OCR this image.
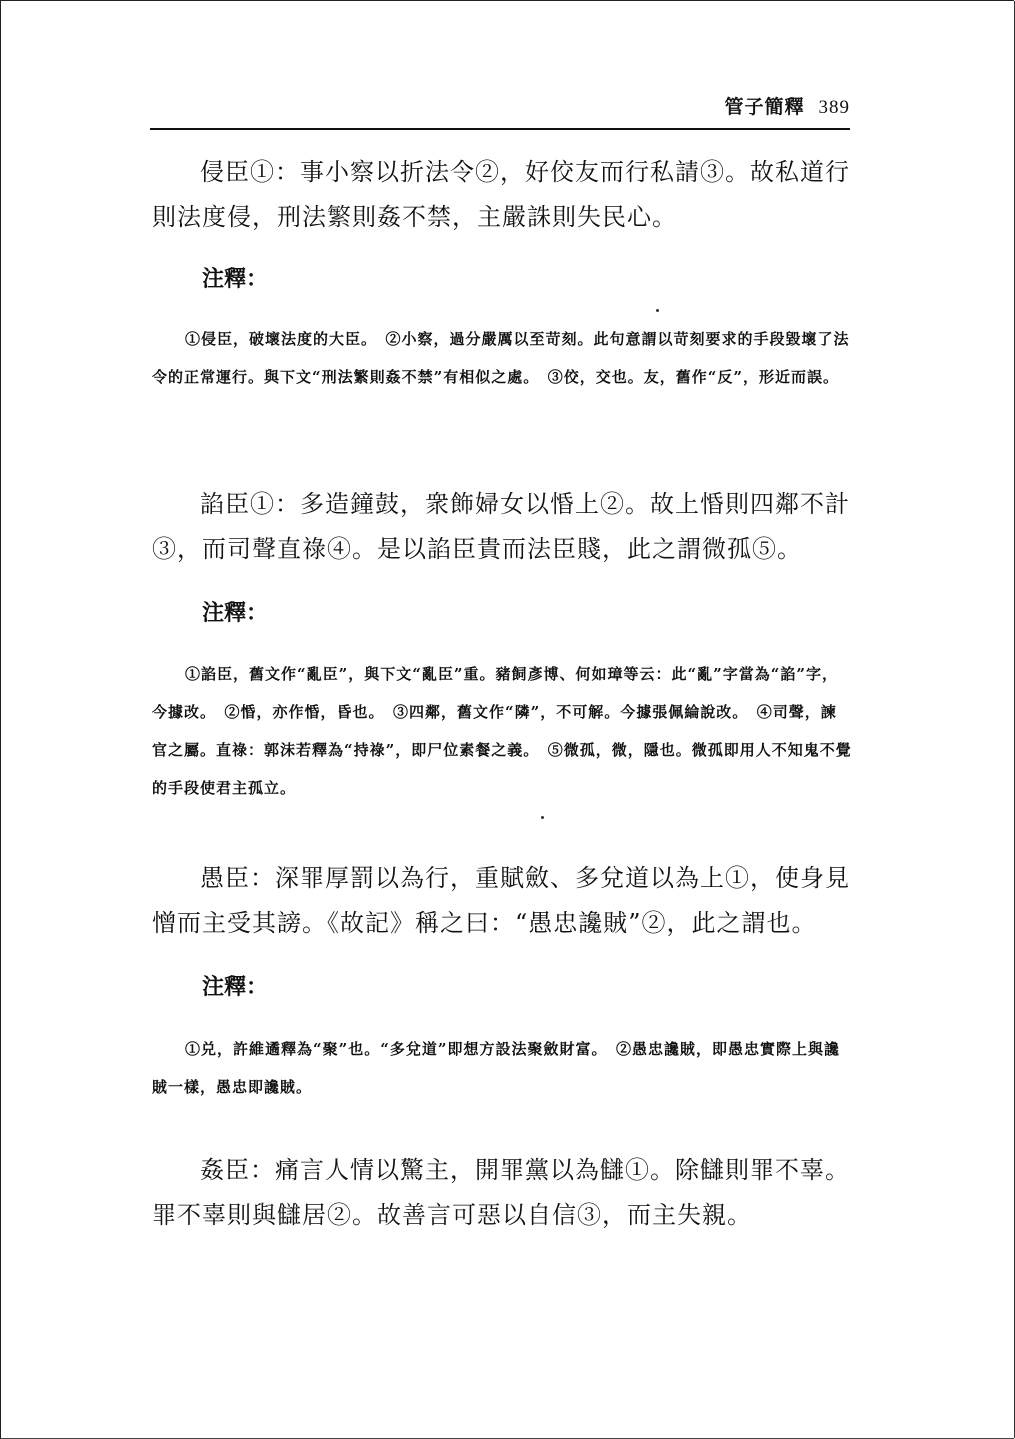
管子簡釋 389

侵臣①：事小察以折法令②，好佼友而行私請③。故私道行則法度侵，刑法繁則姦不禁，主嚴誅則失民心。

注釋：

①侵臣，破壞法度的大臣。　②小察，過分嚴厲以至苛刻。此句意謂以苛刻要求的手段毀壞了法令的正常運行。與下文“刑法繁則姦不禁”有相似之處。　③佼，交也。友，舊作“反”，形近而誤。

諂臣①：多造鐘鼓，衆飾婦女以惛上②。故上惛則四鄰不計③，而司聲直祿④。是以諂臣貴而法臣賤，此之謂微孤⑤。

注釋：

①諂臣，舊文作“亂臣”，與下文“亂臣”重。豬飼彥博、何如璋等云：此“亂”字當為“諂”字，今據改。　②惛，亦作惛，昏也。　③四鄰，舊文作“隣”，不可解。今據張佩綸說改。　④司聲，諫官之屬。直祿：郭沫若釋為“持祿”，即尸位素餐之義。　⑤微孤，微，隱也。微孤即用人不知鬼不覺的手段使君主孤立。

愚臣：深罪厚罰以為行，重賦斂、多兌道以為上①，使身見憎而主受其謗。《故記》稱之曰：“愚忠讒賊”②，此之謂也。

注釋：

①兑，許維遹釋為“聚”也。“多兌道”即想方設法聚斂財富。　②愚忠讒賊，即愚忠實際上與讒賊一樣，愚忠即讒賊。

姦臣：痛言人情以驚主，開罪黨以為讎①。除讎則罪不辜。罪不辜則與讎居②。故善言可惡以自信③，而主失親。
